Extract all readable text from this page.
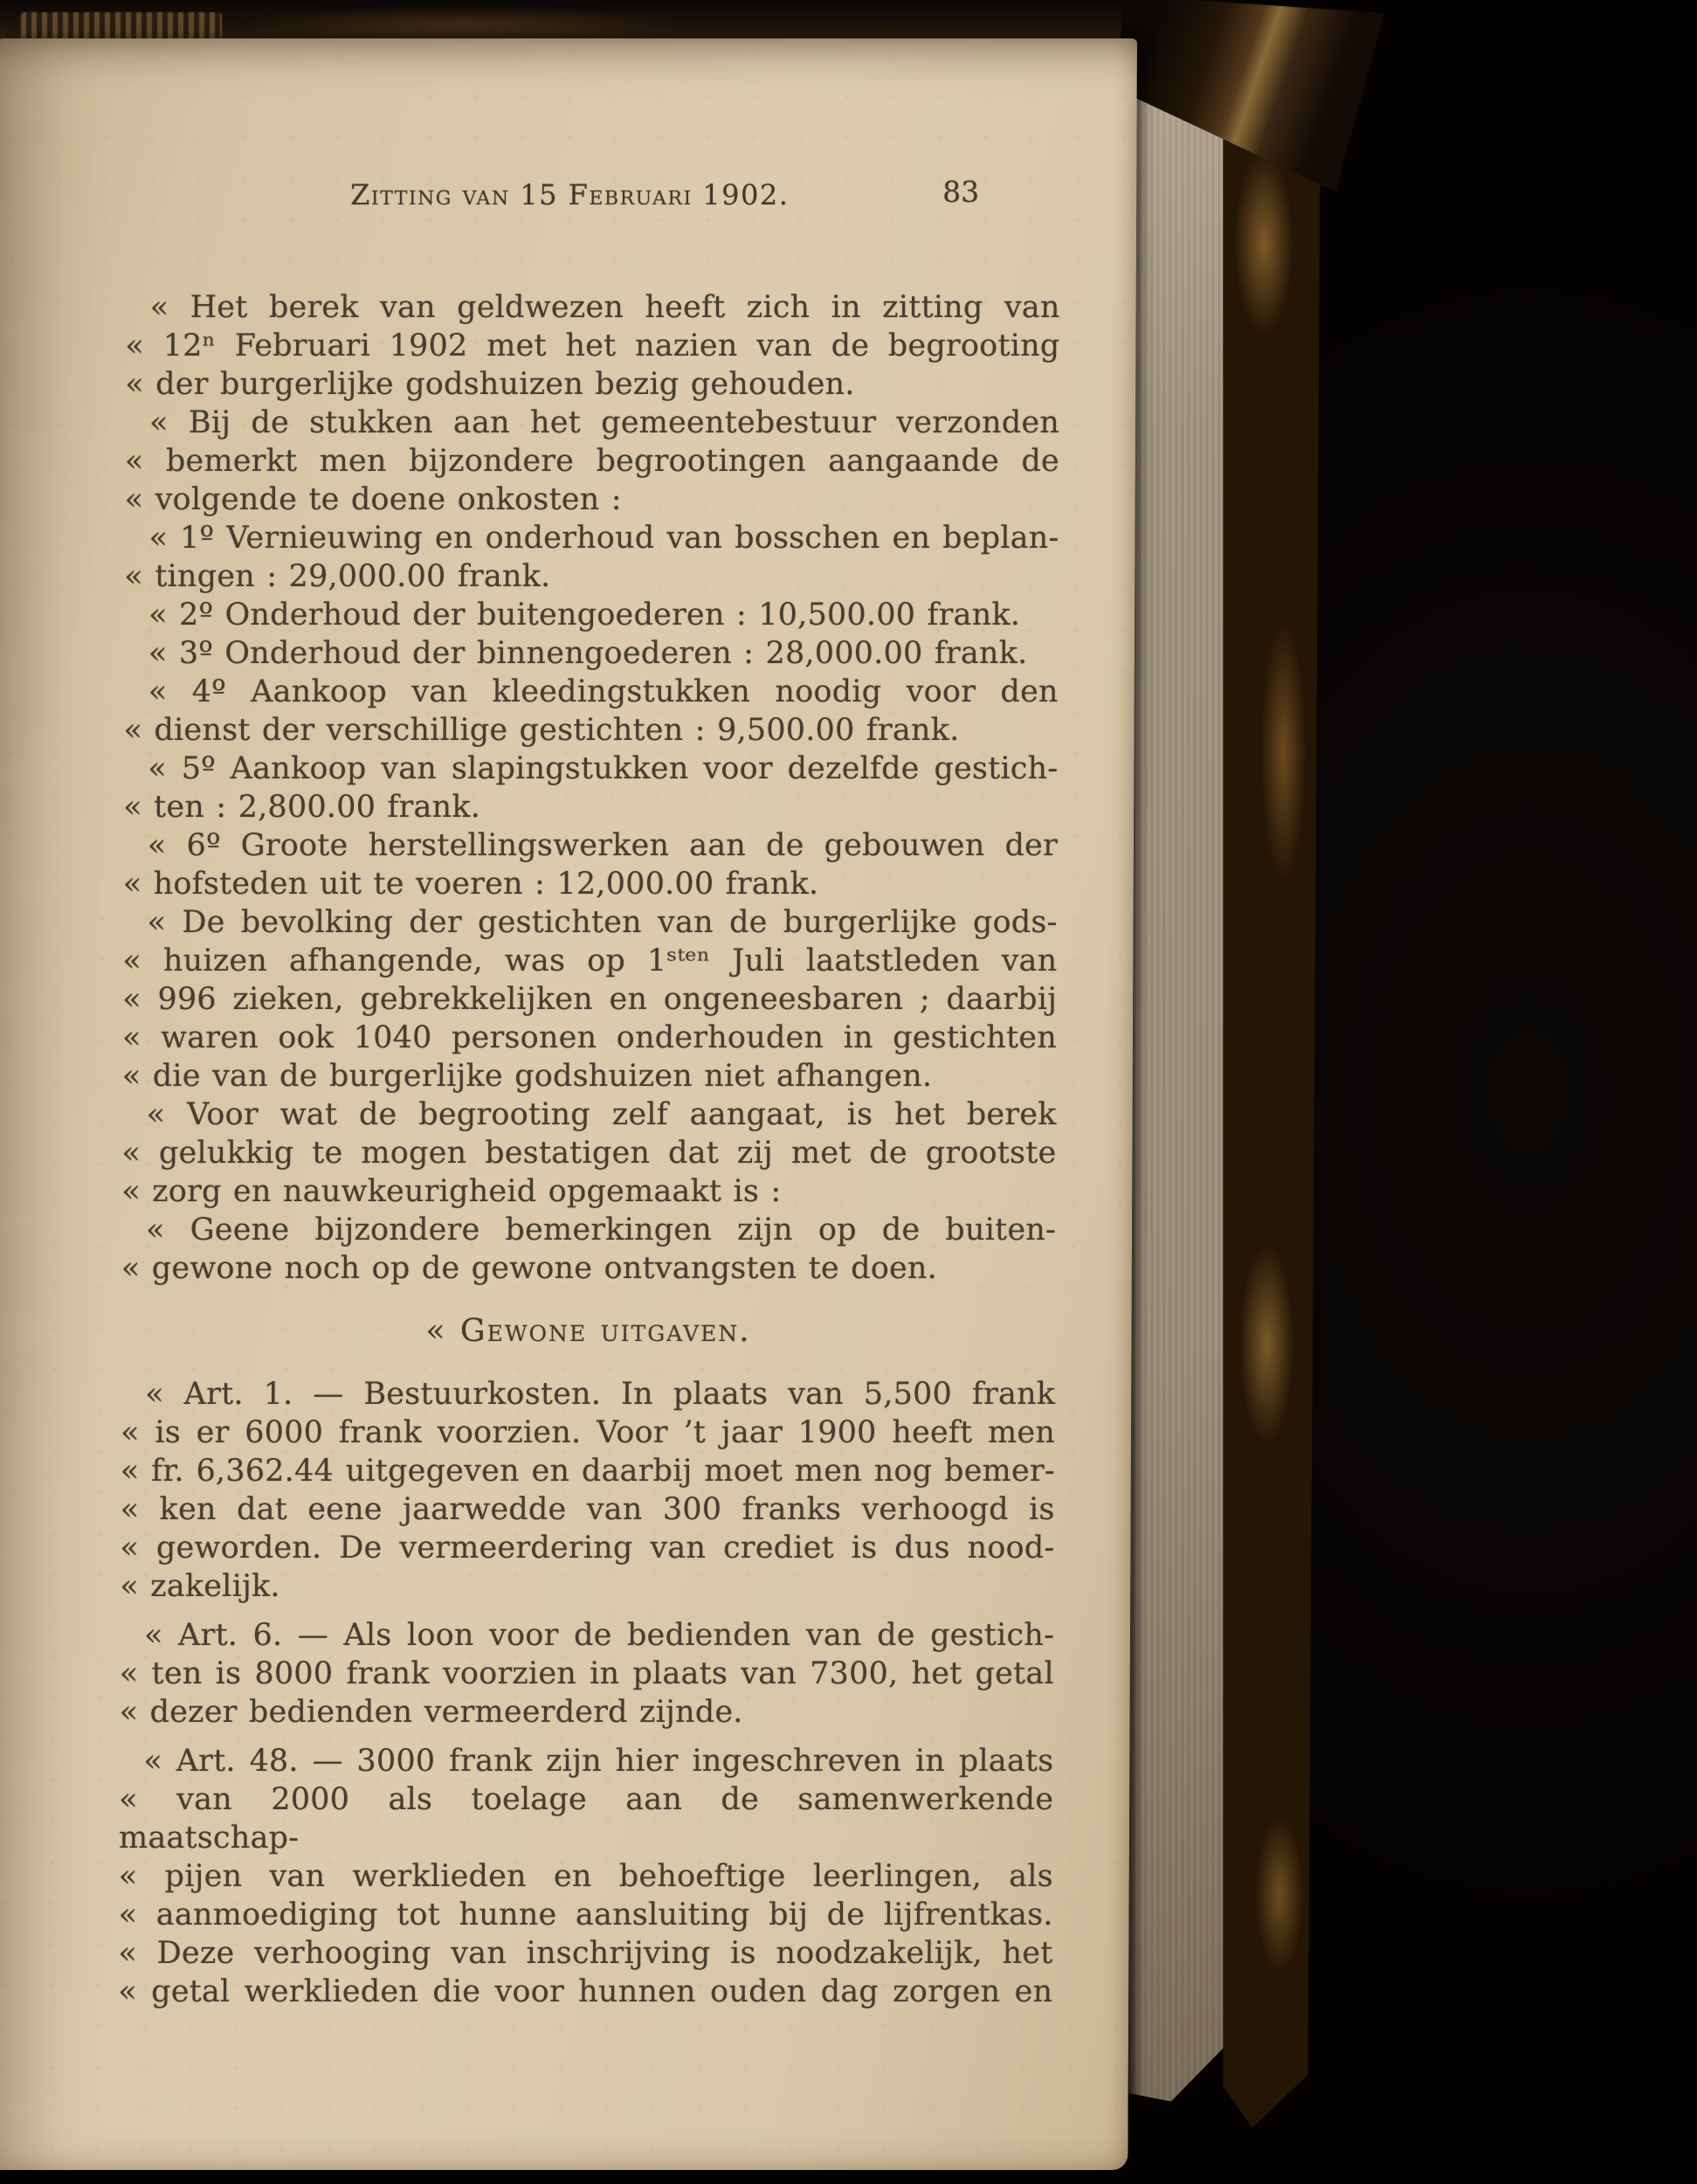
Zitting van 15 Februari 1902.	83
« Het berek van geldwezen heeft zich in zitting van
« 12ⁿ Februari 1902 met het nazien van de begrooting
« der burgerlijke godshuizen bezig gehouden.
« Bij de stukken aan het gemeentebestuur verzonden
« bemerkt men bijzondere begrootingen aangaande de
« volgende te doene onkosten :
« 1º Vernieuwing en onderhoud van bosschen en beplan-
« tingen : 29,000.00 frank.
« 2º Onderhoud der buitengoederen : 10,500.00 frank.
« 3º Onderhoud der binnengoederen : 28,000.00 frank.
« 4º Aankoop van kleedingstukken noodig voor den
« dienst der verschillige gestichten : 9,500.00 frank.
« 5º Aankoop van slapingstukken voor dezelfde gestich-
« ten : 2,800.00 frank.
« 6º Groote herstellingswerken aan de gebouwen der
« hofsteden uit te voeren : 12,000.00 frank.
« De bevolking der gestichten van de burgerlijke gods-
« huizen afhangende, was op 1ˢᵗᵉⁿ Juli laatstleden van
« 996 zieken, gebrekkelijken en ongeneesbaren ; daarbij
« waren ook 1040 personen onderhouden in gestichten
« die van de burgerlijke godshuizen niet afhangen.
« Voor wat de begrooting zelf aangaat, is het berek
« gelukkig te mogen bestatigen dat zij met de grootste
« zorg en nauwkeurigheid opgemaakt is :
« Geene bijzondere bemerkingen zijn op de buiten-
« gewone noch op de gewone ontvangsten te doen.
« Gewone uitgaven.
« Art. 1. — Bestuurkosten. In plaats van 5,500 frank
« is er 6000 frank voorzien. Voor ’t jaar 1900 heeft men
« fr. 6,362.44 uitgegeven en daarbij moet men nog bemer-
« ken dat eene jaarwedde van 300 franks verhoogd is
« geworden. De vermeerdering van crediet is dus nood-
« zakelijk.
« Art. 6. — Als loon voor de bedienden van de gestich-
« ten is 8000 frank voorzien in plaats van 7300, het getal
« dezer bedienden vermeerderd zijnde.
« Art. 48. — 3000 frank zijn hier ingeschreven in plaats
« van 2000 als toelage aan de samenwerkende maatschap-
« pijen van werklieden en behoeftige leerlingen, als
« aanmoediging tot hunne aansluiting bij de lijfrentkas.
« Deze verhooging van inschrijving is noodzakelijk, het
« getal werklieden die voor hunnen ouden dag zorgen en
